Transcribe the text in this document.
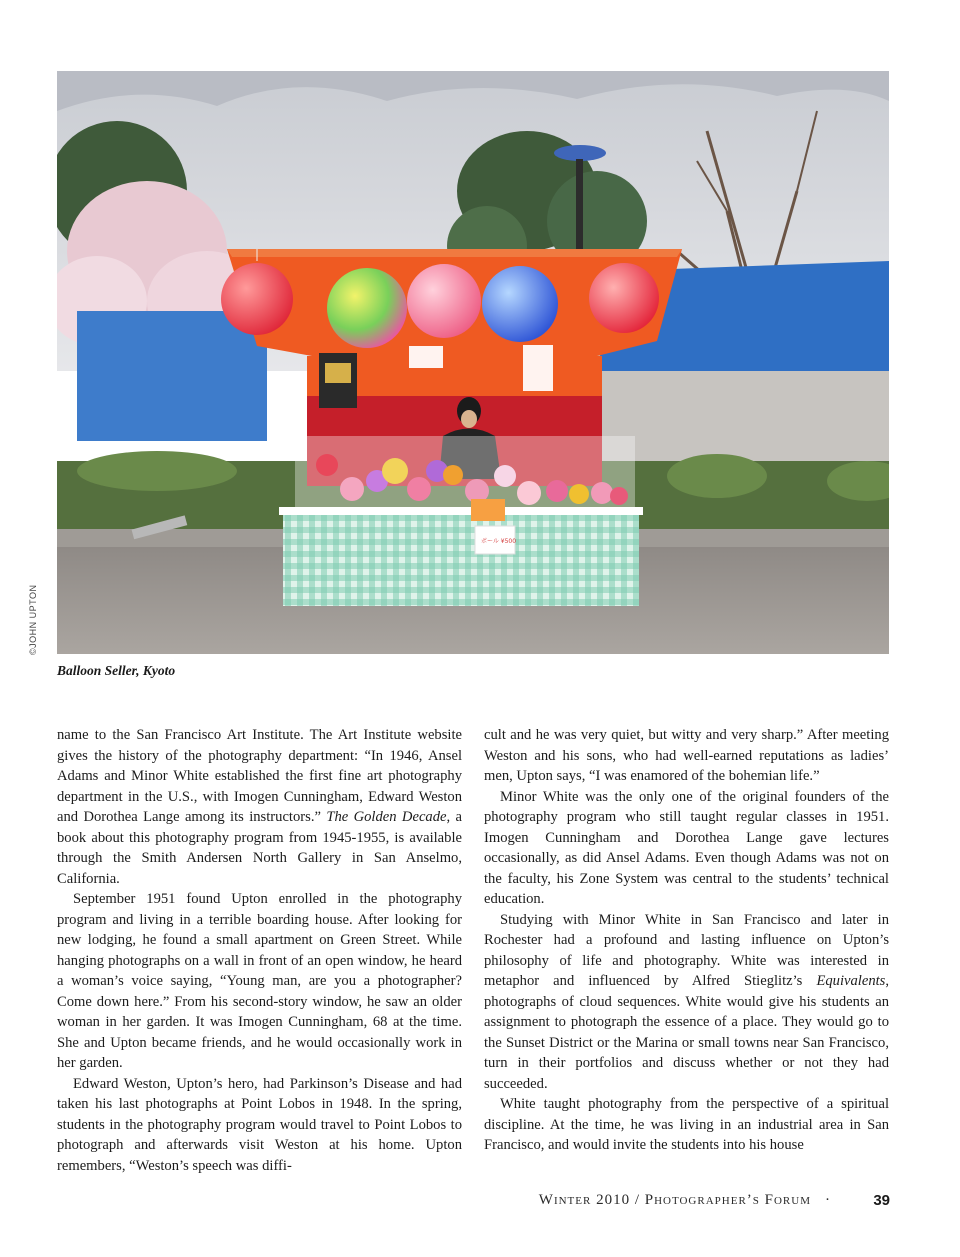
ボール ¥500
©JOHN UPTON
Balloon Seller, Kyoto

name to the San Francisco Art Institute. The Art Institute website gives the history of the photography department: “In 1946, Ansel Adams and Minor White established the first fine art photography department in the U.S., with Imogen Cunningham, Edward Weston and Dorothea Lange among its instructors.” The Golden Decade, a book about this photography program from 1945-1955, is available through the Smith Andersen North Gallery in San Anselmo, California.

September 1951 found Upton enrolled in the photography program and living in a terrible boarding house. After looking for new lodging, he found a small apartment on Green Street. While hanging photographs on a wall in front of an open window, he heard a woman’s voice saying, “Young man, are you a photographer? Come down here.” From his second-story window, he saw an older woman in her garden. It was Imogen Cunningham, 68 at the time. She and Upton became friends, and he would occasionally work in her garden.

Edward Weston, Upton’s hero, had Parkinson’s Disease and had taken his last photographs at Point Lobos in 1948. In the spring, students in the photography program would travel to Point Lobos to photograph and afterwards visit Weston at his home. Upton remembers, “Weston’s speech was diffi-

cult and he was very quiet, but witty and very sharp.” After meeting Weston and his sons, who had well-earned reputations as ladies’ men, Upton says, “I was enamored of the bohemian life.”

Minor White was the only one of the original founders of the photography program who still taught regular classes in 1951. Imogen Cunningham and Dorothea Lange gave lectures occasionally, as did Ansel Adams. Even though Adams was not on the faculty, his Zone System was central to the students’ technical education.

Studying with Minor White in San Francisco and later in Rochester had a profound and lasting influence on Upton’s philosophy of life and photography. White was interested in metaphor and influenced by Alfred Stieglitz’s Equivalents, photographs of cloud sequences. White would give his students an assignment to photograph the essence of a place. They would go to the Sunset District or the Marina or small towns near San Francisco, turn in their portfolios and discuss whether or not they had succeeded.

White taught photography from the perspective of a spiritual discipline. At the time, he was living in an industrial area in San Francisco, and would invite the students into his house

Winter 2010 / Photographer’s Forum ·	39
